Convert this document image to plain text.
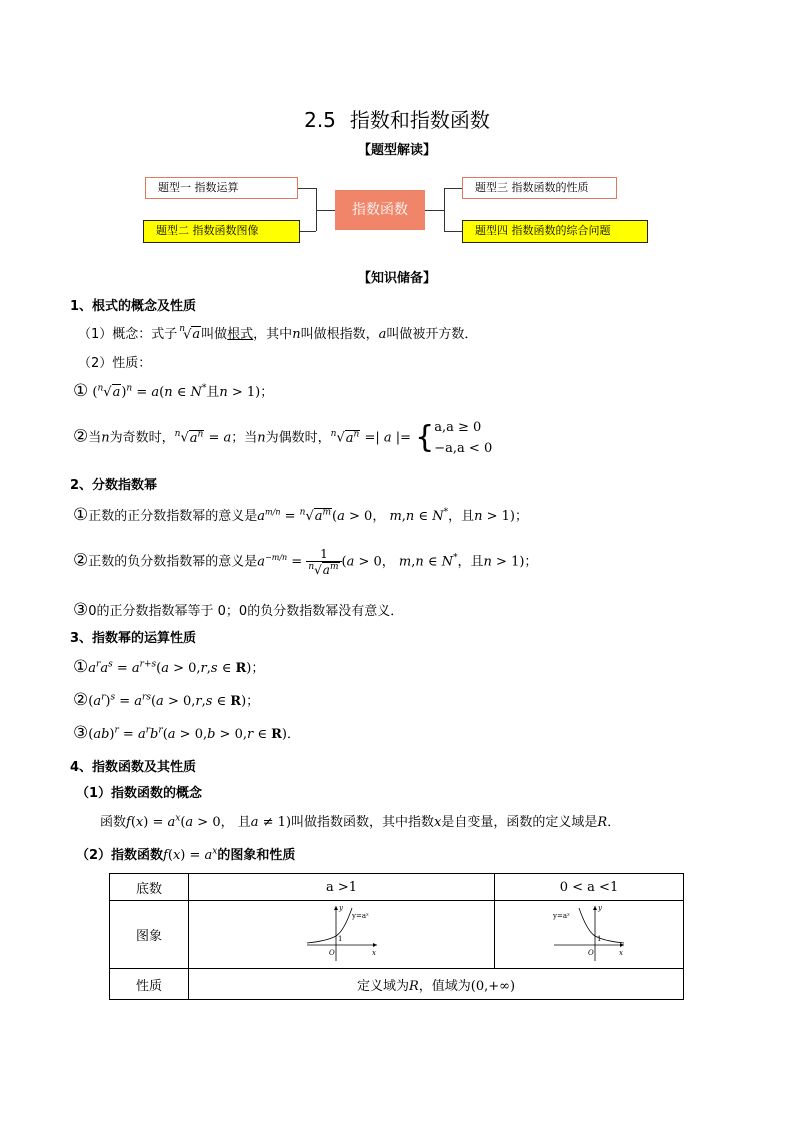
2.5 指数和指数函数
【题型解读】
题型一 指数运算
题型二 指数函数图像
指数函数
题型三 指数函数的性质
题型四 指数函数的综合问题
【知识储备】
1、根式的概念及性质
（1）概念：式子 $^n$√a叫做根式，其中n叫做根指数，a叫做被开方数．
（2）性质：
① $(^n√a)^n = a(n$ ∈ N*且n > 1)；
②当n为奇数时，$^n√a^n = a$；当n为偶数时，$^n√a^n$ =| a |= { a,a ≥ 0
−a,a < 0
2、分数指数幂
①正数的正分数指数幂的意义是$a^{m/n} = ^n√a^m(a > 0$， m,n ∈ N*，且n > 1)；
②正数的负分数指数幂的意义是$a^{-m/n} = \frac{1}{^n√a^m} (a > 0$， m,n ∈ N*，且n > 1)；
③0的正分数指数幂等于 0；0的负分数指数幂没有意义．
3、指数幂的运算性质
$①a^ra^s = a^{r+s}(a > 0,r,s$ ∈ R)；
$②(a^r)^s = a^{rs}(a > 0,r,s$ ∈ R)；
③(ab)$^r$ = $a^rb^r(a > 0,b > 0,r$ ∈ R)．
4、指数函数及其性质
（1）指数函数的概念
函数$f(x) = a^x(a > 0$， 且a ≠ 1)叫做指数函数，其中指数x是自变量，函数的定义域是R．
（2）指数函数$f(x) = a^x$的图象和性质
底数	a >1	0 < a <1
图象	y
x
O
1
y=aˣ	y
x
O
1
y=aˣ

性质	定义域为R，值域为(0,+∞)	
